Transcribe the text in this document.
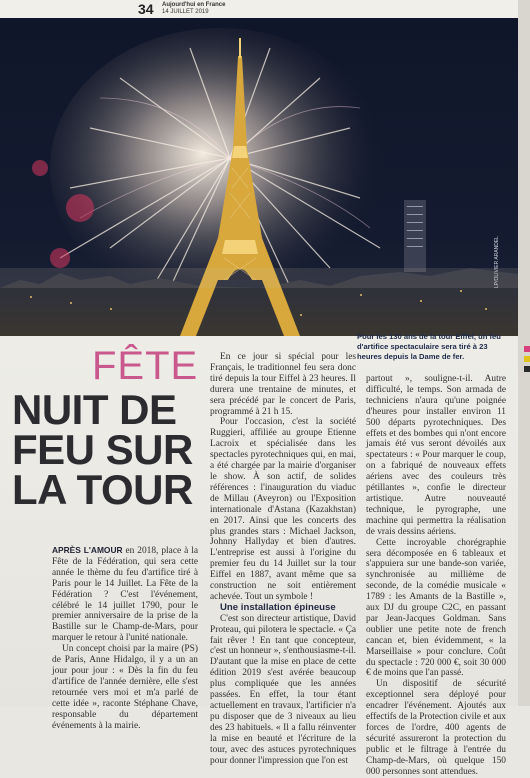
34 Aujourd'hui en France
14 JUILLET 2019
LP/OLIVIER ARANDEL
Pour les 130 ans de la tour Eiffel, un feu d'artifice spectaculaire sera tiré à 23 heures depuis la Dame de fer.
FÊTE
NUIT DE
FEU SUR
LA TOUR

APRÈS L'AMOUR en 2018, place à la Fête de la Fédération, qui sera cette année le thème du feu d'artifice tiré à Paris pour le 14 Juillet. La Fête de la Fédération ? C'est l'événement, célébré le 14 juillet 1790, pour le premier anniversaire de la prise de la Bastille sur le Champ-de-Mars, pour marquer le retour à l'unité nationale.

Un concept choisi par la maire (PS) de Paris, Anne Hidalgo, il y a un an jour pour jour : « Dès la fin du feu d'artifice de l'année dernière, elle s'est retournée vers moi et m'a parlé de cette idée », raconte Stéphane Chave, responsable du département événements à la mairie.

En ce jour si spécial pour les Français, le traditionnel feu sera donc tiré depuis la tour Eiffel à 23 heures. Il durera une trentaine de minutes, et sera précédé par le concert de Paris, programmé à 21 h 15.

Pour l'occasion, c'est la société Ruggieri, affiliée au groupe Etienne Lacroix et spécialisée dans les spectacles pyrotechniques qui, en mai, a été chargée par la mairie d'organiser le show. À son actif, de solides références : l'inauguration du viaduc de Millau (Aveyron) ou l'Exposition internationale d'Astana (Kazakhstan) en 2017. Ainsi que les concerts des plus grandes stars : Michael Jackson, Johnny Hallyday et bien d'autres. L'entreprise est aussi à l'origine du premier feu du 14 Juillet sur la tour Eiffel en 1887, avant même que sa construction ne soit entièrement achevée. Tout un symbole !

Une installation épineuse

C'est son directeur artistique, David Proteau, qui pilotera le spectacle. « Ça fait rêver ! En tant que concepteur, c'est un honneur », s'enthousiasme-t-il. D'autant que la mise en place de cette édition 2019 s'est avérée beaucoup plus compliquée que les années passées. En effet, la tour étant actuellement en travaux, l'artificier n'a pu disposer que de 3 niveaux au lieu des 23 habituels. « Il a fallu réinventer la mise en beauté et l'écriture de la tour, avec des astuces pyrotechniques pour donner l'impression que l'on est

partout », souligne-t-il. Autre difficulté, le temps. Son armada de techniciens n'aura qu'une poignée d'heures pour installer environ 11 500 départs pyrotechniques. Des effets et des bombes qui n'ont encore jamais été vus seront dévoilés aux spectateurs : « Pour marquer le coup, on a fabriqué de nouveaux effets aériens avec des couleurs très pétillantes », confie le directeur artistique. Autre nouveauté technique, le pyrographe, une machine qui permettra la réalisation de vrais dessins aériens.

Cette incroyable chorégraphie sera décomposée en 6 tableaux et s'appuiera sur une bande-son variée, synchronisée au millième de seconde, de la comédie musicale « 1789 : les Amants de la Bastille », aux DJ du groupe C2C, en passant par Jean-Jacques Goldman. Sans oublier une petite note de french cancan et, bien évidemment, « la Marseillaise » pour conclure. Coût du spectacle : 720 000 €, soit 30 000 € de moins que l'an passé.

Un dispositif de sécurité exceptionnel sera déployé pour encadrer l'événement. Ajoutés aux effectifs de la Protection civile et aux forces de l'ordre, 400 agents de sécurité assureront la protection du public et le filtrage à l'entrée du Champ-de-Mars, où quelque 150 000 personnes sont attendues.
